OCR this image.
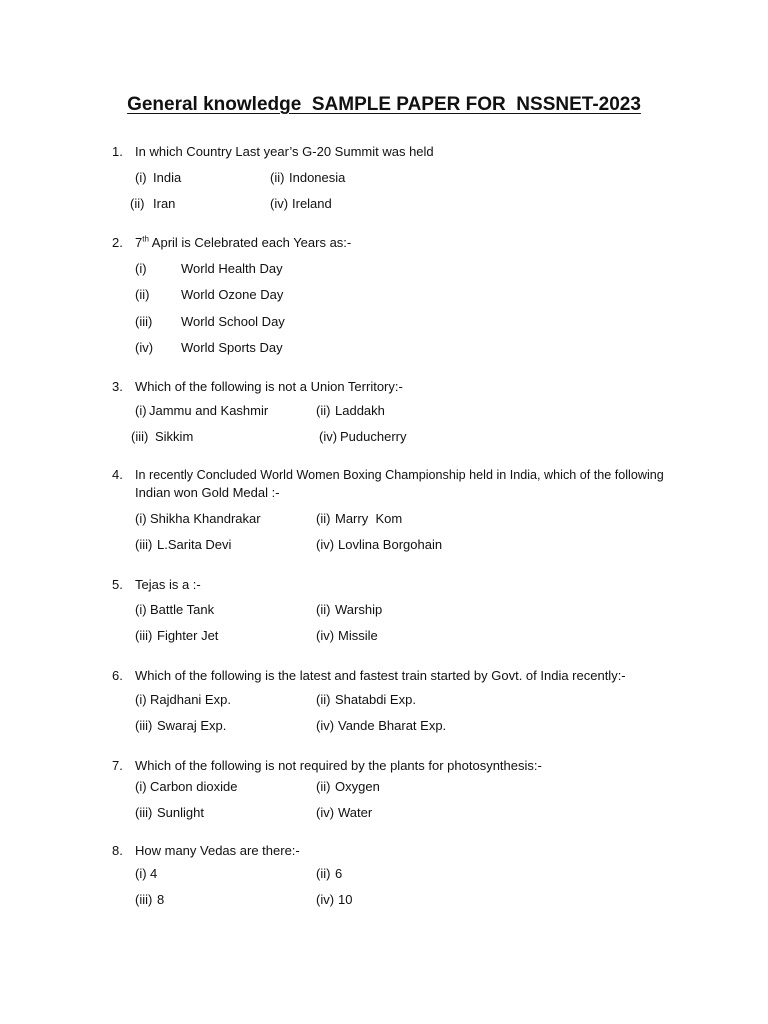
General knowledge  SAMPLE PAPER FOR  NSSNET-2023
1. In which Country Last year’s G-20 Summit was held
(i) India	(ii) Indonesia
(ii) Iran	(iv) Ireland
2. 7th April is Celebrated each Years as:-
(i)	World Health Day
(ii) World Ozone Day
(iii) World School Day
(iv) World Sports Day
3. Which of the following is not a Union Territory:-
(i) Jammu and Kashmir	(ii) Laddakh
(iii) Sikkim	(iv) Puducherry
4. In recently Concluded World Women Boxing Championship held in India, which of the following
Indian won Gold Medal :-
(i) Shikha Khandrakar	(ii) Marry  Kom
(iii) L.Sarita Devi	(iv) Lovlina Borgohain
5. Tejas is a :-
(i) Battle Tank	(ii) Warship
(iii) Fighter Jet	(iv) Missile
6. Which of the following is the latest and fastest train started by Govt. of India recently:-
(i) Rajdhani Exp.	(ii) Shatabdi Exp.
(iii) Swaraj Exp.	(iv) Vande Bharat Exp.
7. Which of the following is not required by the plants for photosynthesis:-
(i) Carbon dioxide	(ii) Oxygen
(iii) Sunlight	(iv) Water
8. How many Vedas are there:-
(i) 4	(ii) 6
(iii) 8	(iv) 10
